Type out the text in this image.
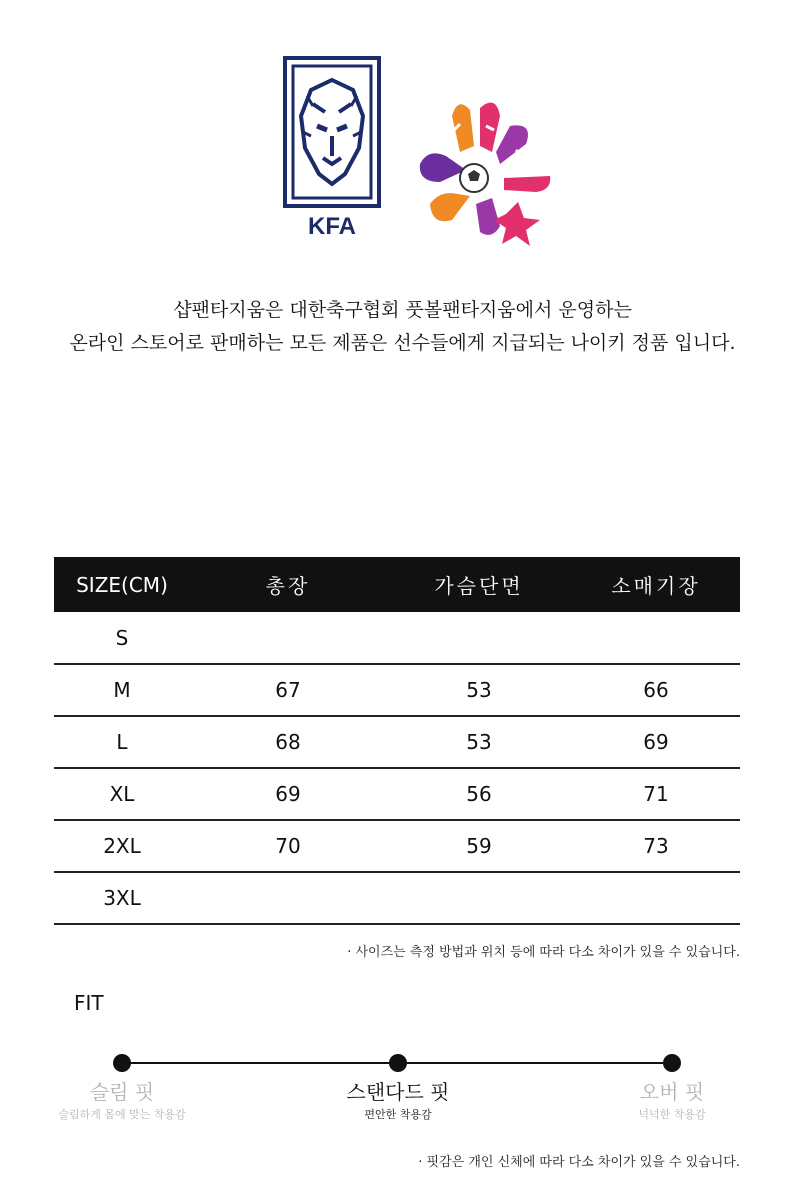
KFA
샵팬타지움은 대한축구협회 풋볼팬타지움에서 운영하는
온라인 스토어로 판매하는 모든 제품은 선수들에게 지급되는 나이키 정품 입니다.
SIZE(CM)	총장	가슴단면	소매기장
S			
M	67	53	66
L	68	53	69
XL	69	56	71
2XL	70	59	73
3XL			
· 사이즈는 측정 방법과 위치 등에 따라 다소 차이가 있을 수 있습니다.
FIT
슬림 핏
슬림하게 몸에 맞는 착용감
스탠다드 핏
편안한 착용감
오버 핏
넉넉한 착용감
· 핏감은 개인 신체에 따라 다소 차이가 있을 수 있습니다.
